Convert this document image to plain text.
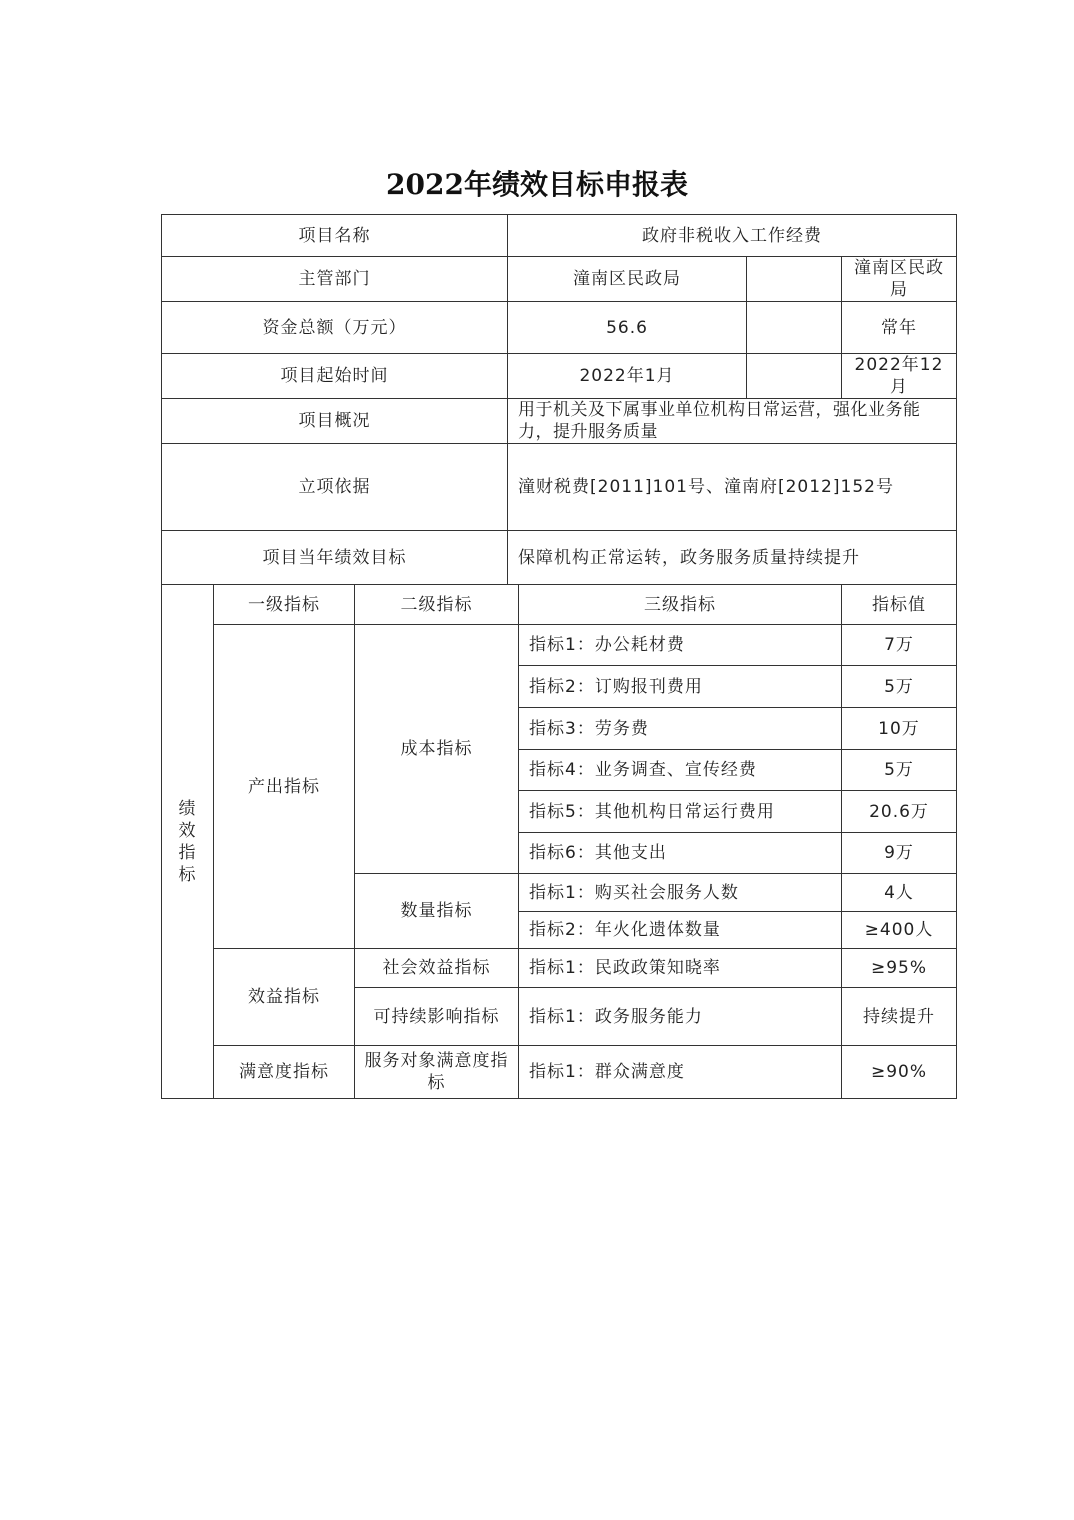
2022年绩效目标申报表
项目名称			政府非税收入工作经费			
主管部门			潼南区民政局			潼南区民政局
资金总额（万元）			56.6			常年
项目起始时间			2022年1月			2022年12月
项目概况			用于机关及下属事业单位机构日常运营，强化业务能力，提升服务质量			
立项依据			潼财税费[2011]101号、潼南府[2012]152号			
项目当年绩效目标			保障机构正常运转，政务服务质量持续提升			
绩效指标	一级指标	二级指标		三级指标		指标值
	产出指标	成本指标		指标1：办公耗材费		7万
				指标2：订购报刊费用		5万
				指标3：劳务费		10万
				指标4：业务调查、宣传经费		5万
				指标5：其他机构日常运行费用		20.6万
				指标6：其他支出		9万
		数量指标		指标1：购买社会服务人数		4人
				指标2：年火化遗体数量		≥400人
	效益指标	社会效益指标		指标1：民政政策知晓率		≥95%
		可持续影响指标		指标1：政务服务能力		持续提升
	满意度指标	服务对象满意度指标		指标1：群众满意度		≥90%
